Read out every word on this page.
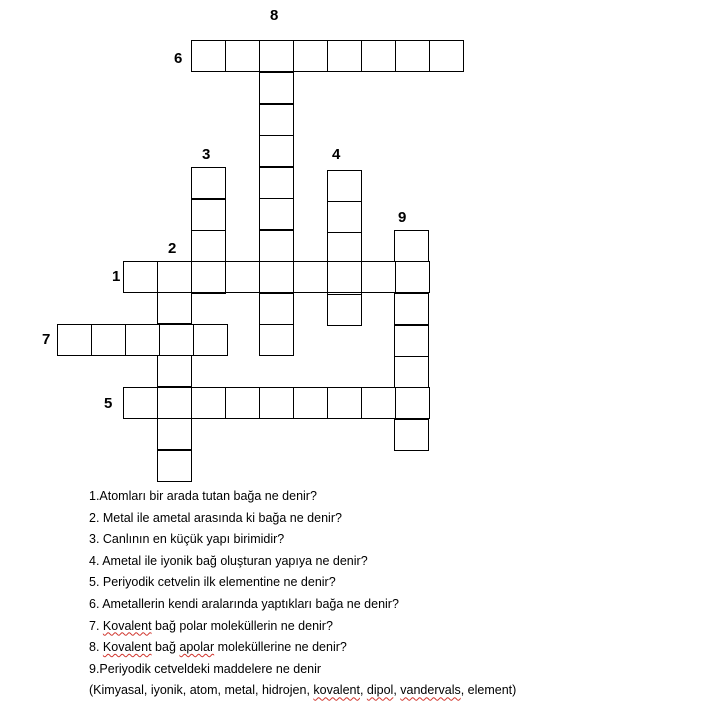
8
6
3	4
9
2
1
7
5
1.Atomları bir arada tutan bağa ne denir?
2. Metal ile ametal arasında ki bağa ne denir?
3. Canlının en küçük yapı birimidir?
4. Ametal ile iyonik bağ oluşturan yapıya ne denir?
5. Periyodik cetvelin ilk elementine ne denir?
6. Ametallerin kendi aralarında yaptıkları bağa ne denir?
7. Kovalent bağ polar moleküllerin ne denir?
8. Kovalent bağ apolar moleküllerine ne denir?
9.Periyodik cetveldeki maddelere ne denir
(Kimyasal, iyonik, atom, metal, hidrojen, kovalent, dipol, vandervals, element)
